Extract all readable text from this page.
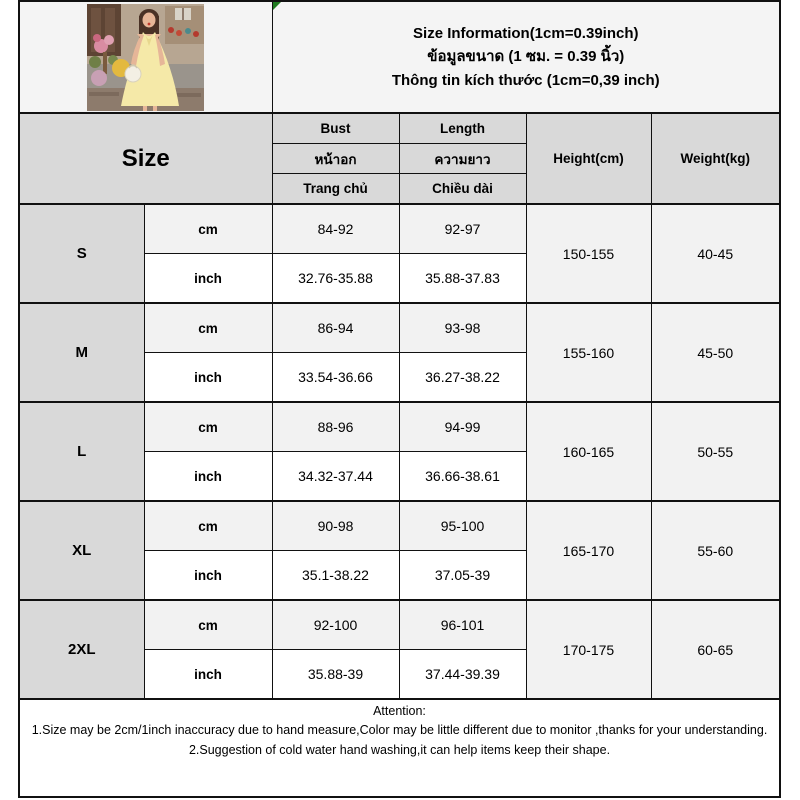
Size Information(1cm=0.39inch)
ข้อมูลขนาด (1 ซม. = 0.39 นิ้ว)
Thông tin kích thước (1cm=0,39 inch)			

Size		Bust	Length	Height(cm)	Weight(kg)
		หน้าอก	ความยาว		
		Trang chủ	Chiều dài		
S	cm	84-92	92-97	150-155	40-45
	inch	32.76-35.88	35.88-37.83		
M	cm	86-94	93-98	155-160	45-50
	inch	33.54-36.66	36.27-38.22		
L	cm	88-96	94-99	160-165	50-55
	inch	34.32-37.44	36.66-38.61		
XL	cm	90-98	95-100	165-170	55-60
	inch	35.1-38.22	37.05-39		
2XL	cm	92-100	96-101	170-175	60-65
	inch	35.88-39	37.44-39.39		

Attention:
1.Size may be 2cm/1inch inaccuracy due to hand measure,Color may be little different due to monitor ,thanks for your understanding.
2.Suggestion of cold water hand washing,it can help items keep their shape.					
